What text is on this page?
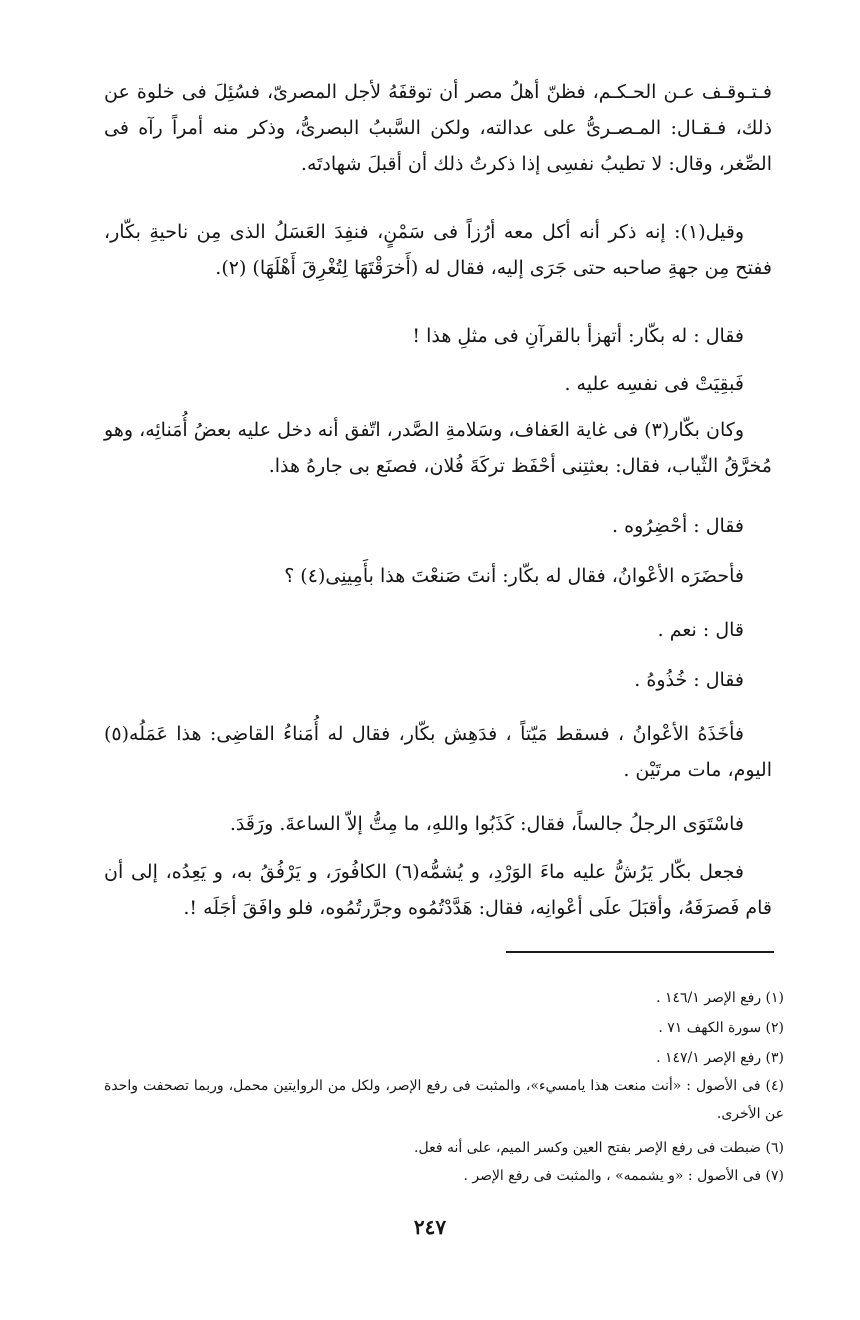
فـتـوقـف عـن الحـكـم، فظنّ أهلُ مصر أن توقفَهُ لأجل المصرىّ، فسُئِلَ فى خلوة عن ذلك، فـقـال: المـصـرىُّ على عدالته، ولكن السَّببُ البصرىُّ، وذكر منه أمراً رآه فى الصِّغر، وقال: لا تطيبُ نفسِى إذا ذكرتُ ذلك أن أقبلَ شهادتَه.

وقيل(١): إنه ذكر أنه أكل معه أرُزاً فى سَمْنٍ، فنفِدَ العَسَلُ الذى مِن ناحيةِ بكّار، ففتح مِن جهةِ صاحبه حتى جَرَى إليه، فقال له (أَخرَقْتَهَا لِتُغْرِقَ أَهْلَهَا) (٢).

فقال : له بكّار: أتهزأ بالقرآنِ فى مثلِ هذا !

فَبقِيَتْ فى نفسِه عليه .

وكان بكّار(٣) فى غاية العَفاف، وسَلامةِ الصَّدر، اتّفق أنه دخل عليه بعضُ أُمَنائِه، وهو مُخرَّقُ الثّياب، فقال: بعثتِنى أحْفَظ تركَةَ فُلان، فصنَع بى جارهُ هذا.

فقال : أحْضِرُوه .

فأحضَرَه الأعْوانُ، فقال له بكّار: أنتَ صَنعْتَ هذا بأَمِينِى(٤) ؟

قال : نعم .

فقال : خُذُوهُ .

فأخَذَهُ الأعْوانُ ، فسقط مَيّتاً ، فدَهِش بكّار، فقال له أُمَناءُ القاضِى: هذا عَمَلُه(٥) اليوم، مات مرتَيْن .

فاسْتَوَى الرجلُ جالساً، فقال: كَذَبُوا واللهِ، ما مِتُّ إلاّ الساعةَ. ورَقَدَ.

فجعل بكّار يَرُشُّ عليه ماءَ الوَرْدِ، و يُشمُّه(٦) الكافُورَ، و يَرْفُقُ به، و يَعِدُه، إلى أن قام فَصرَفَهُ، وأقبَلَ علَى أعْوانِه، فقال: هَدَّدْتُمُوه وجرَّرتُمُوه، فلو وافَقَ أجَلَه !.

(١) رفع الإصر ١٤٦/١ .

(٢) سورة الكهف ٧١ .

(٣) رفع الإصر ١٤٧/١ .

(٤) فى الأصول : «أنت منعت هذا يامسيء»، والمثبت فى رفع الإصر، ولكل من الروايتين محمل، وربما تصحفت واحدة عن الأخرى.

(٦) ضبطت فى رفع الإصر بفتح العين وكسر الميم، على أنه فعل.

(٧) فى الأصول : «و يشممه» ، والمثبت فى رفع الإصر .

٢٤٧
